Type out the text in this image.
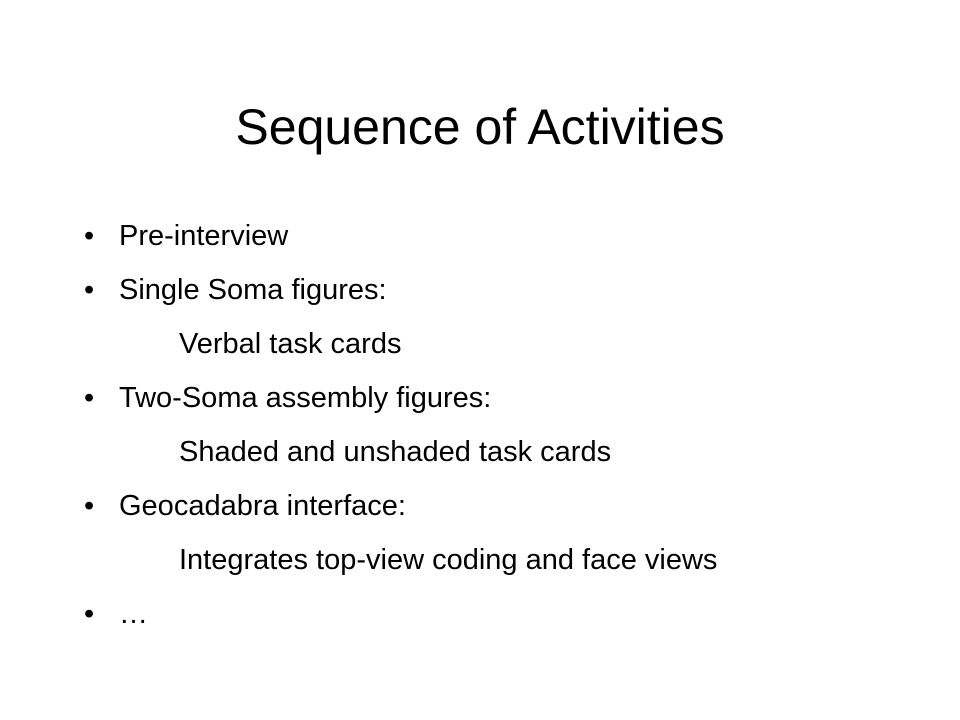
Sequence of Activities
• Pre-interview
• Single Soma figures:
Verbal task cards
• Two-Soma assembly figures:
Shaded and unshaded task cards
• Geocadabra interface:
Integrates top-view coding and face views
• …
